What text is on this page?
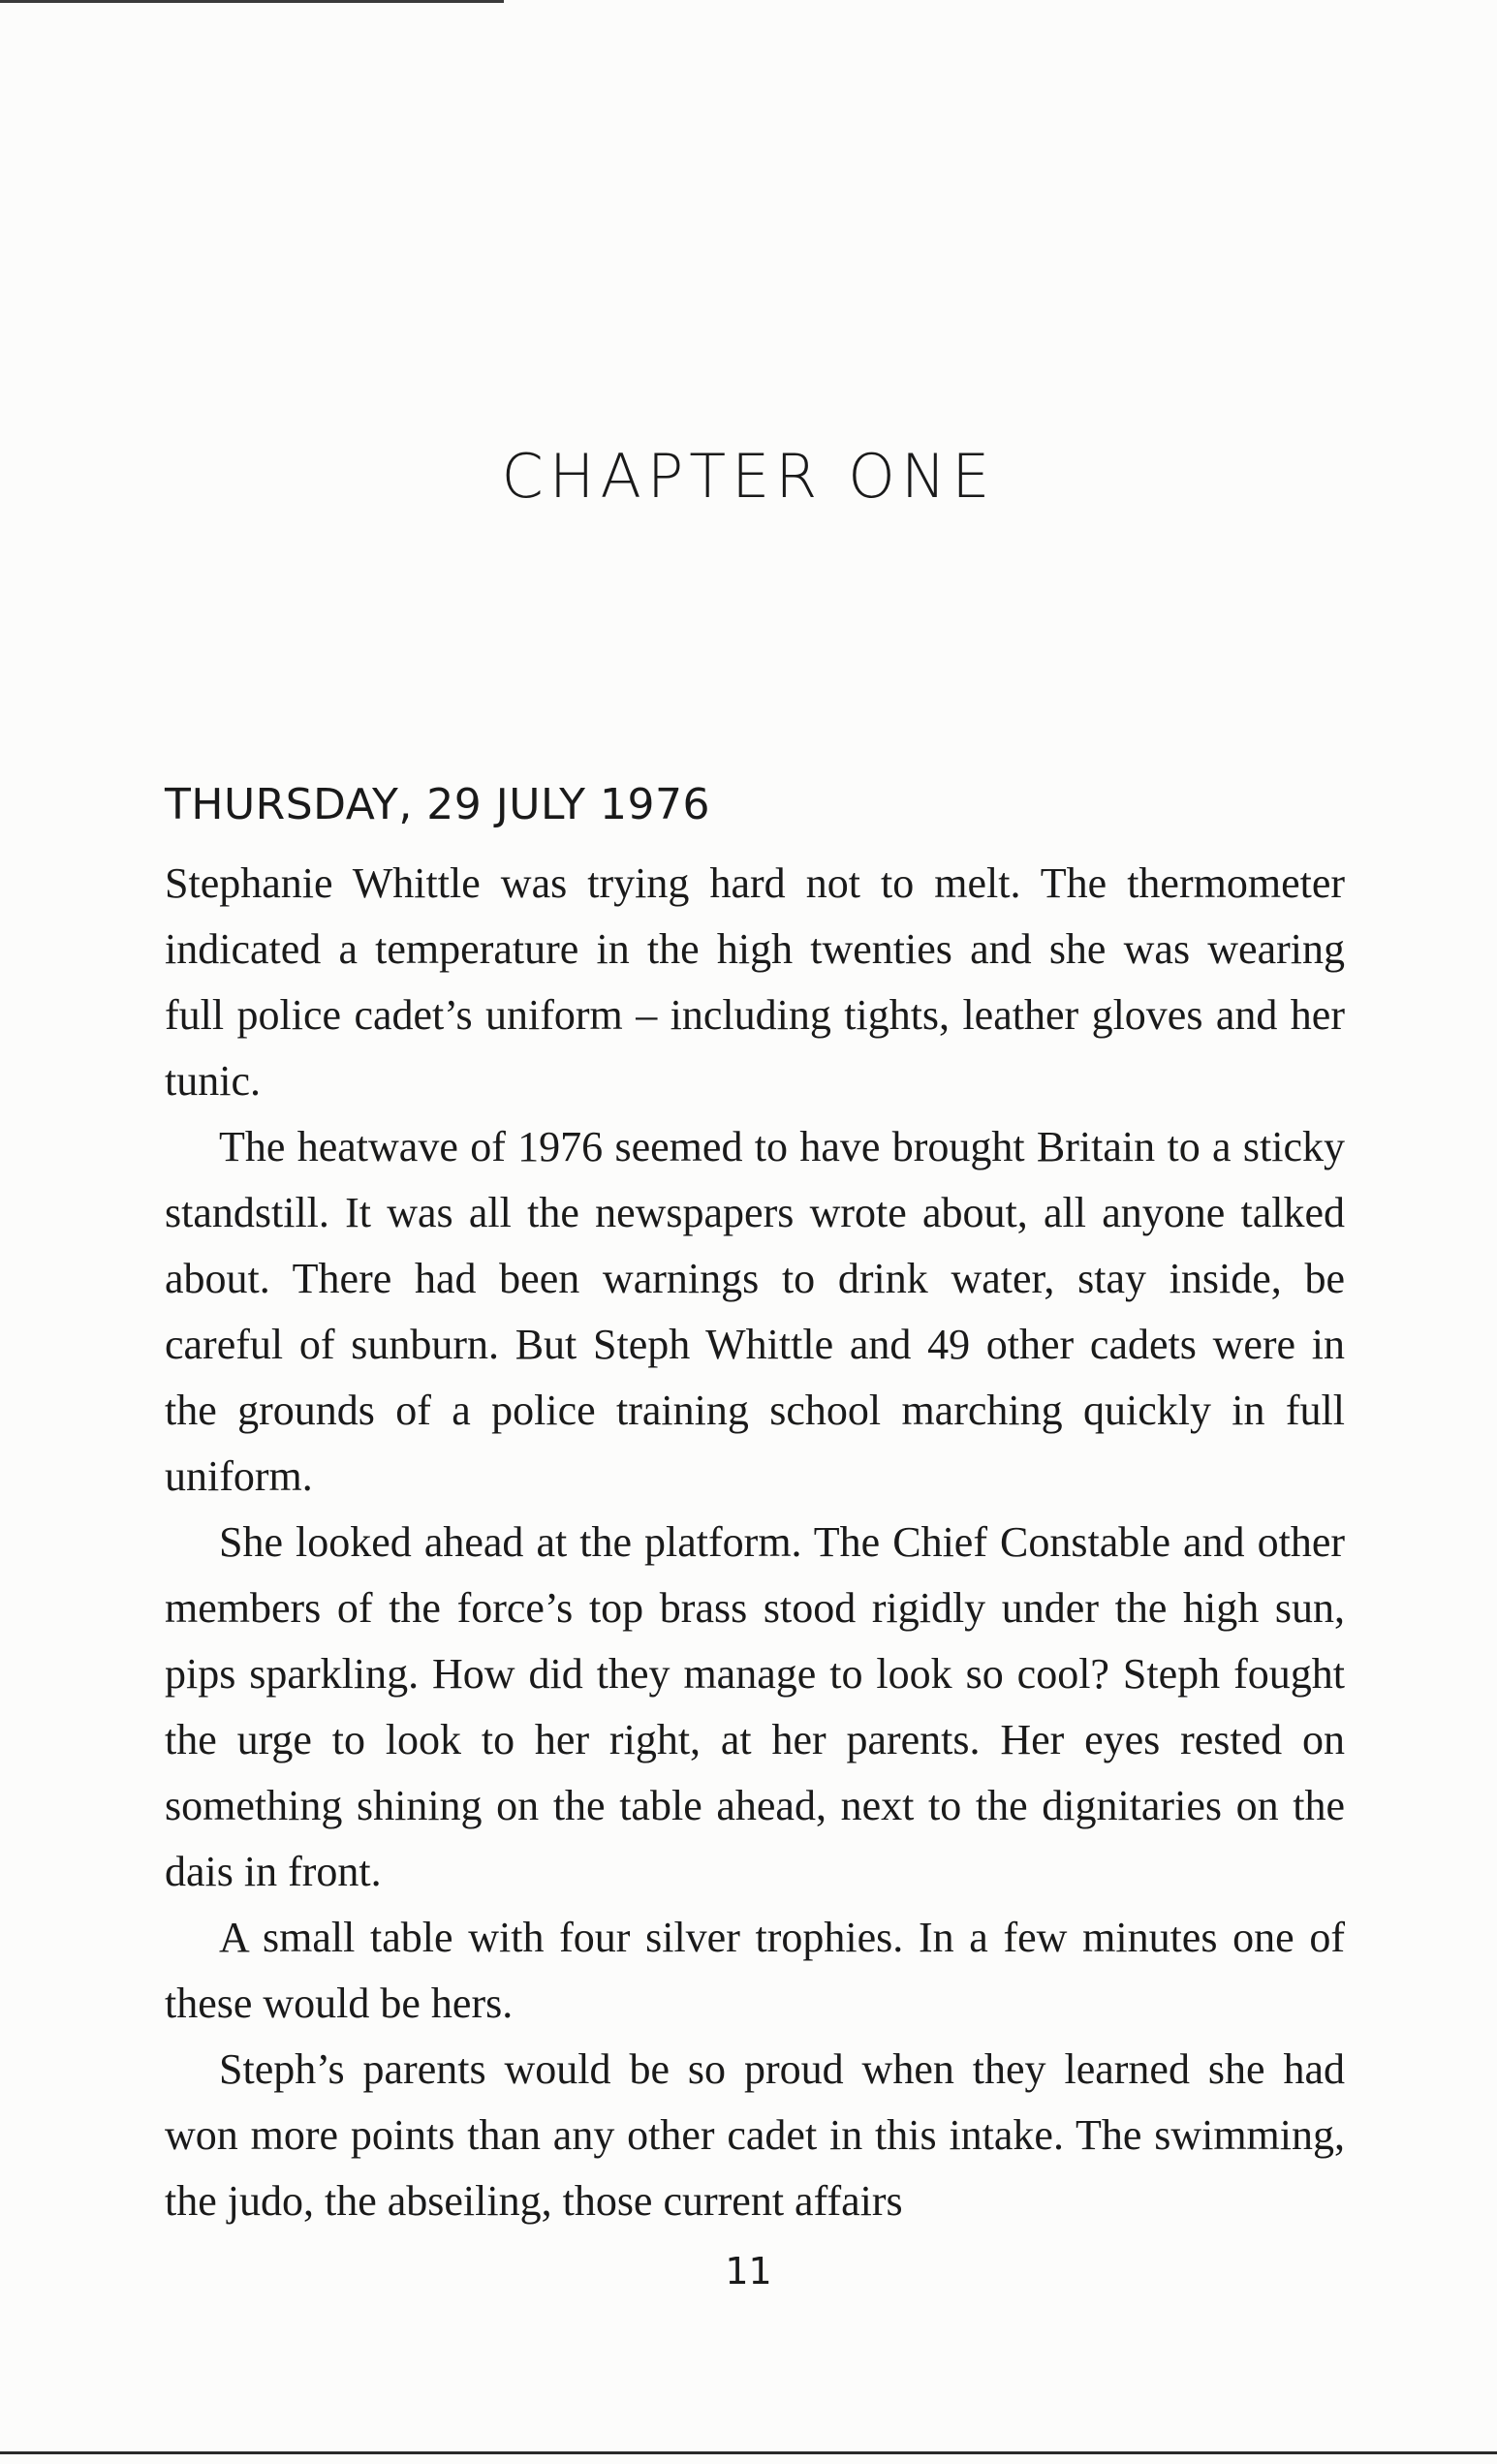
CHAPTER ONE
THURSDAY, 29 JULY 1976

Stephanie Whittle was trying hard not to melt. The thermometer indicated a temperature in the high twenties and she was wearing full police cadet’s uniform – including tights, leather gloves and her tunic.

The heatwave of 1976 seemed to have brought Britain to a sticky standstill. It was all the newspapers wrote about, all anyone talked about. There had been warnings to drink water, stay inside, be careful of sunburn. But Steph Whittle and 49 other cadets were in the grounds of a police training school marching quickly in full uniform.

She looked ahead at the platform. The Chief Constable and other members of the force’s top brass stood rigidly under the high sun, pips sparkling. How did they manage to look so cool? Steph fought the urge to look to her right, at her parents. Her eyes rested on something shining on the table ahead, next to the dignitaries on the dais in front.

A small table with four silver trophies. In a few minutes one of these would be hers.

Steph’s parents would be so proud when they learned she had won more points than any other cadet in this intake. The swimming, the judo, the abseiling, those current affairs

11
